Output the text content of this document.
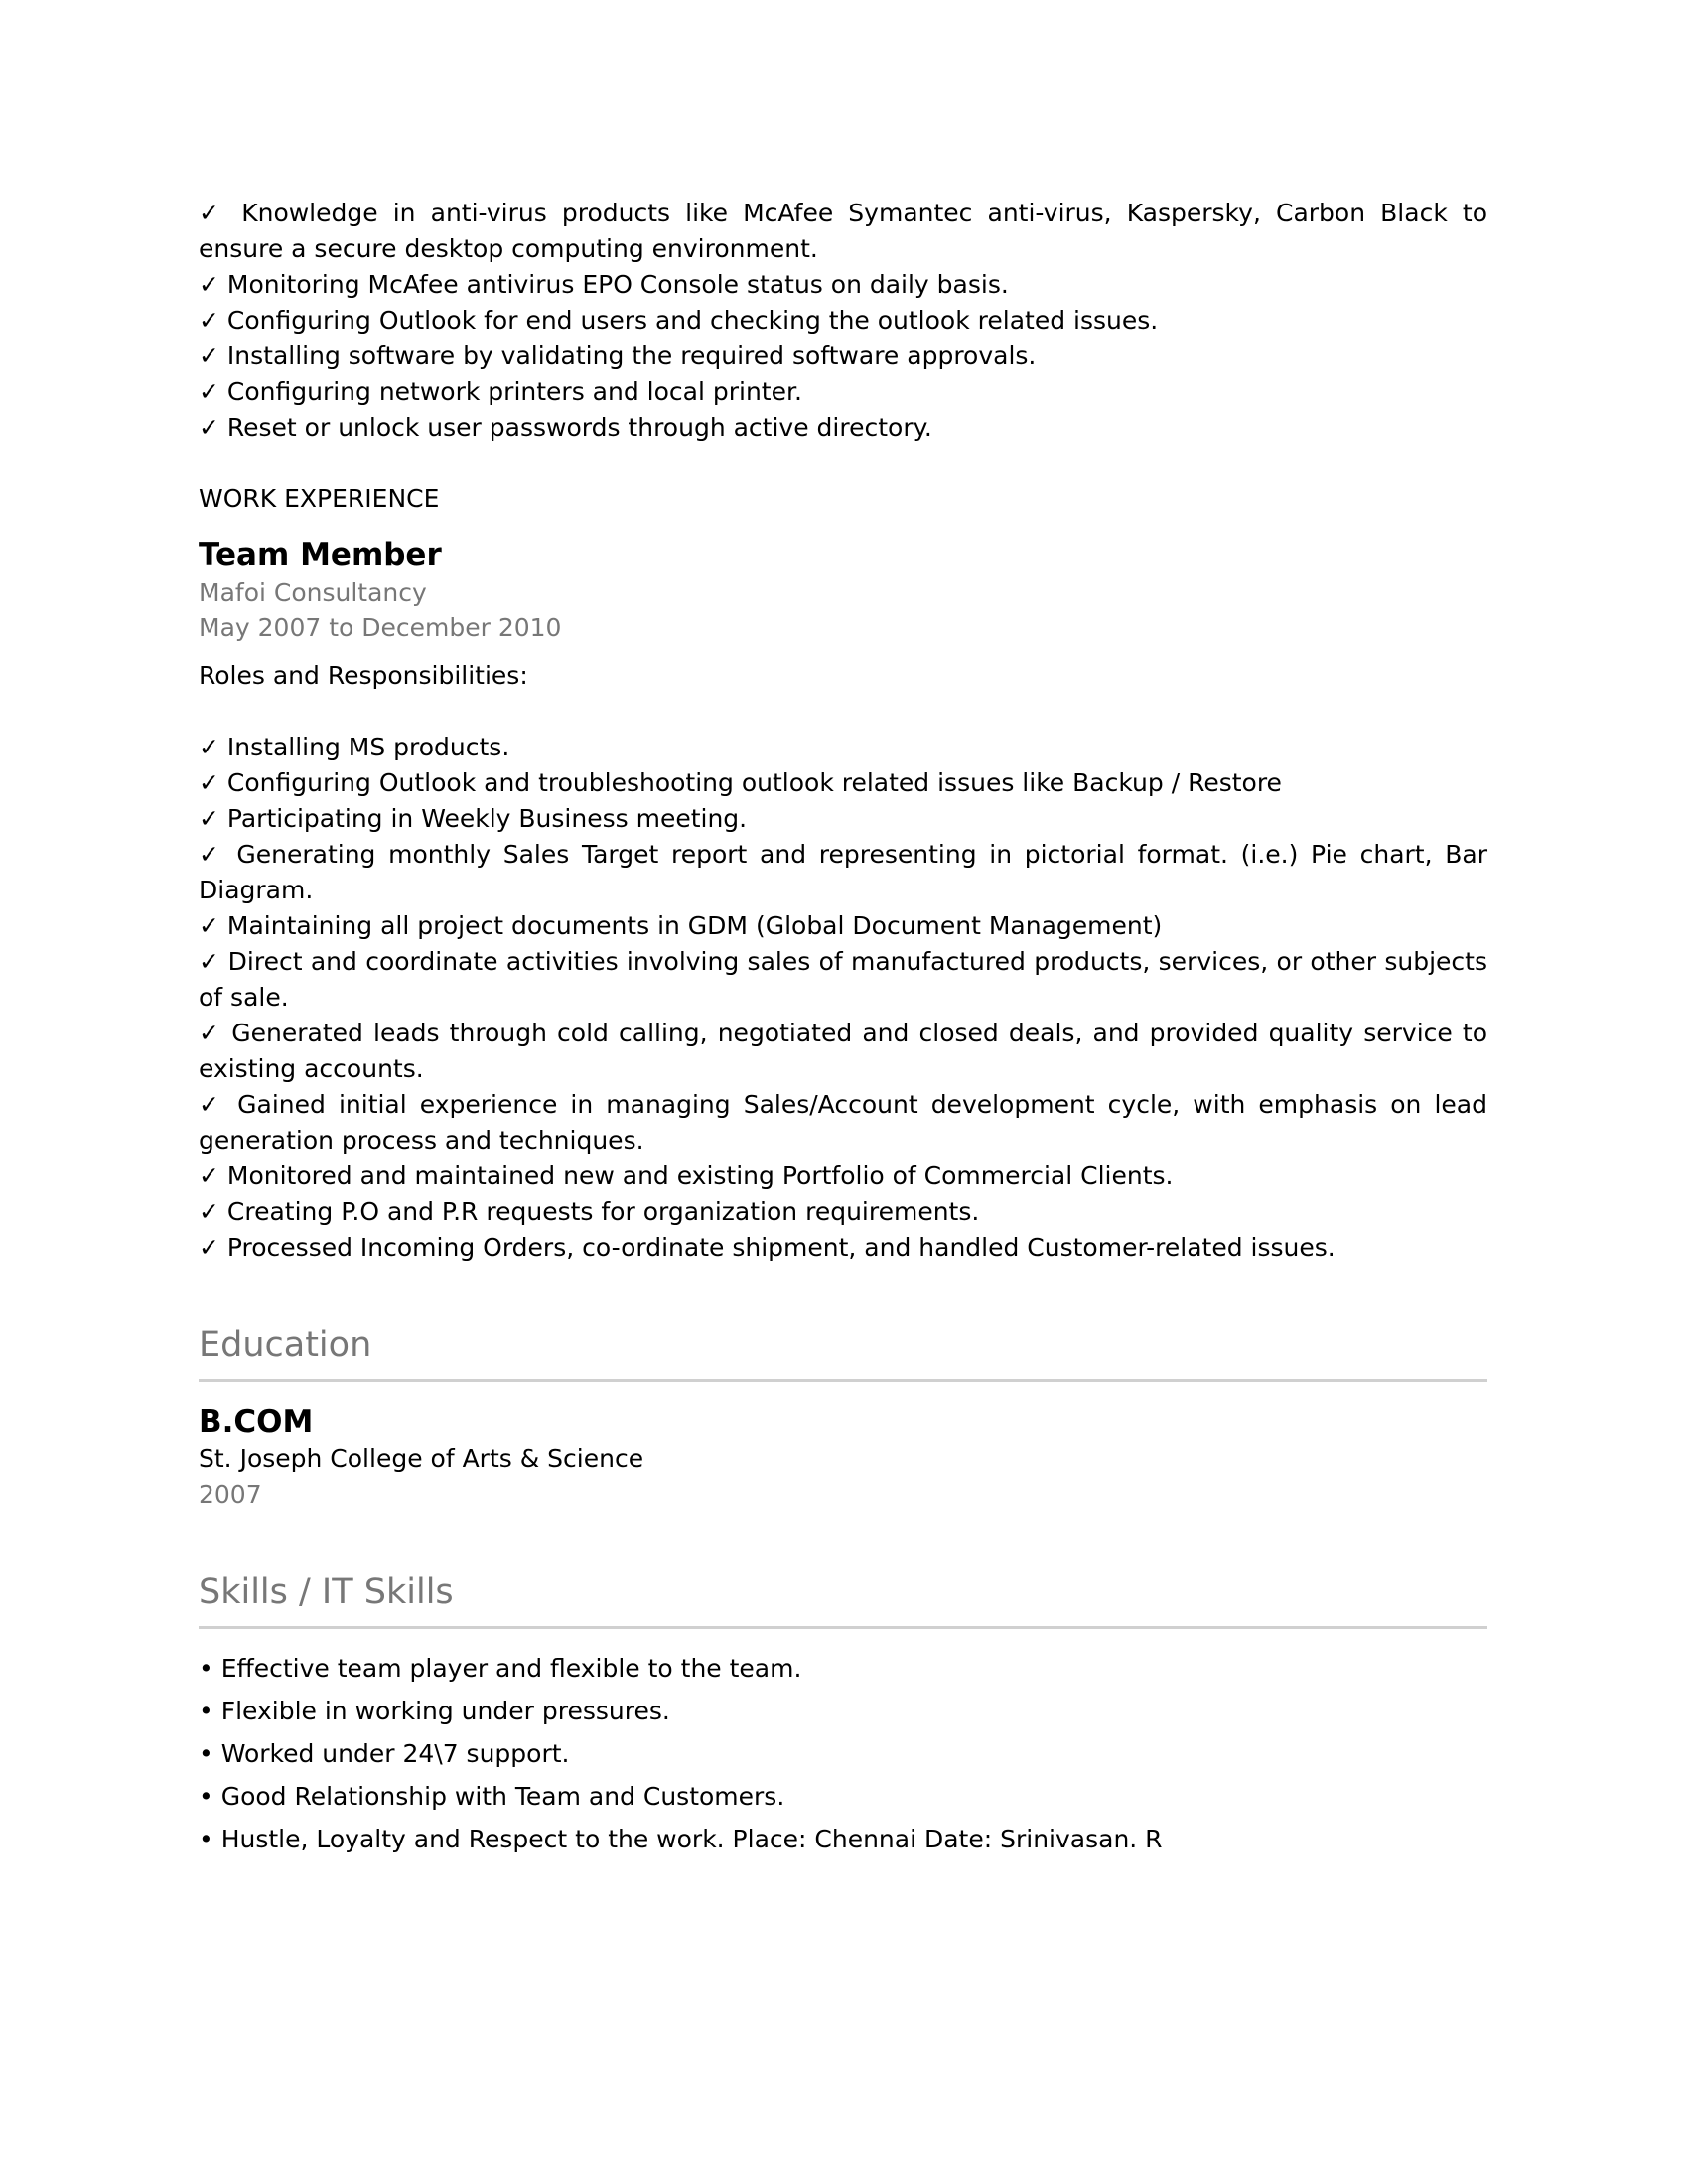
✓ Knowledge in anti-virus products like McAfee Symantec anti-virus, Kaspersky, Carbon Black to ensure a secure desktop computing environment.

✓ Monitoring McAfee antivirus EPO Console status on daily basis.

✓ Configuring Outlook for end users and checking the outlook related issues.

✓ Installing software by validating the required software approvals.

✓ Configuring network printers and local printer.

✓ Reset or unlock user passwords through active directory.

WORK EXPERIENCE
Team Member
Mafoi Consultancy
May 2007 to December 2010
Roles and Responsibilities:

✓ Installing MS products.

✓ Configuring Outlook and troubleshooting outlook related issues like Backup / Restore

✓ Participating in Weekly Business meeting.

✓ Generating monthly Sales Target report and representing in pictorial format. (i.e.) Pie chart, Bar Diagram.

✓ Maintaining all project documents in GDM (Global Document Management)

✓ Direct and coordinate activities involving sales of manufactured products, services, or other subjects of sale.

✓ Generated leads through cold calling, negotiated and closed deals, and provided quality service to existing accounts.

✓ Gained initial experience in managing Sales/Account development cycle, with emphasis on lead generation process and techniques.

✓ Monitored and maintained new and existing Portfolio of Commercial Clients.

✓ Creating P.O and P.R requests for organization requirements.

✓ Processed Incoming Orders, co-ordinate shipment, and handled Customer-related issues.

Education
B.COM
St. Joseph College of Arts & Science
2007
Skills / IT Skills
• Effective team player and flexible to the team.
• Flexible in working under pressures.
• Worked under 24\7 support.
• Good Relationship with Team and Customers.
• Hustle, Loyalty and Respect to the work. Place: Chennai Date: Srinivasan. R
